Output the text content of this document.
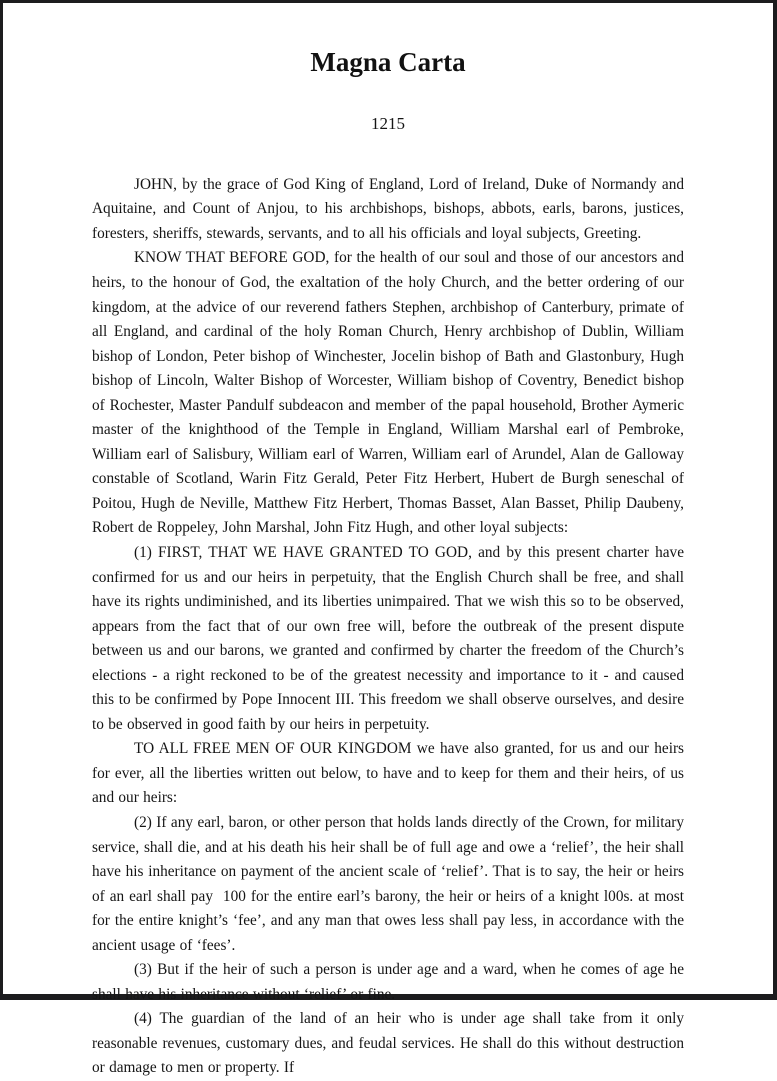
Magna Carta
1215

JOHN, by the grace of God King of England, Lord of Ireland, Duke of Normandy and Aquitaine, and Count of Anjou, to his archbishops, bishops, abbots, earls, barons, justices, foresters, sheriffs, stewards, servants, and to all his officials and loyal subjects, Greeting.

KNOW THAT BEFORE GOD, for the health of our soul and those of our ancestors and heirs, to the honour of God, the exaltation of the holy Church, and the better ordering of our kingdom, at the advice of our reverend fathers Stephen, archbishop of Canterbury, primate of all England, and cardinal of the holy Roman Church, Henry archbishop of Dublin, William bishop of London, Peter bishop of Winchester, Jocelin bishop of Bath and Glastonbury, Hugh bishop of Lincoln, Walter Bishop of Worcester, William bishop of Coventry, Benedict bishop of Rochester, Master Pandulf subdeacon and member of the papal household, Brother Aymeric master of the knighthood of the Temple in England, William Marshal earl of Pembroke, William earl of Salisbury, William earl of Warren, William earl of Arundel, Alan de Galloway constable of Scotland, Warin Fitz Gerald, Peter Fitz Herbert, Hubert de Burgh seneschal of Poitou, Hugh de Neville, Matthew Fitz Herbert, Thomas Basset, Alan Basset, Philip Daubeny, Robert de Roppeley, John Marshal, John Fitz Hugh, and other loyal subjects:

(1) FIRST, THAT WE HAVE GRANTED TO GOD, and by this present charter have confirmed for us and our heirs in perpetuity, that the English Church shall be free, and shall have its rights undiminished, and its liberties unimpaired. That we wish this so to be observed, appears from the fact that of our own free will, before the outbreak of the present dispute between us and our barons, we granted and confirmed by charter the freedom of the Church’s elections - a right reckoned to be of the greatest necessity and importance to it - and caused this to be confirmed by Pope Innocent III. This freedom we shall observe ourselves, and desire to be observed in good faith by our heirs in perpetuity.

TO ALL FREE MEN OF OUR KINGDOM we have also granted, for us and our heirs for ever, all the liberties written out below, to have and to keep for them and their heirs, of us and our heirs:

(2) If any earl, baron, or other person that holds lands directly of the Crown, for military service, shall die, and at his death his heir shall be of full age and owe a ‘relief’, the heir shall have his inheritance on payment of the ancient scale of ‘relief’. That is to say, the heir or heirs of an earl shall pay  100 for the entire earl’s barony, the heir or heirs of a knight l00s. at most for the entire knight’s ‘fee’, and any man that owes less shall pay less, in accordance with the ancient usage of ‘fees’.

(3) But if the heir of such a person is under age and a ward, when he comes of age he shall have his inheritance without ‘relief’ or fine.

(4) The guardian of the land of an heir who is under age shall take from it only reasonable revenues, customary dues, and feudal services. He shall do this without destruction or damage to men or property. If
